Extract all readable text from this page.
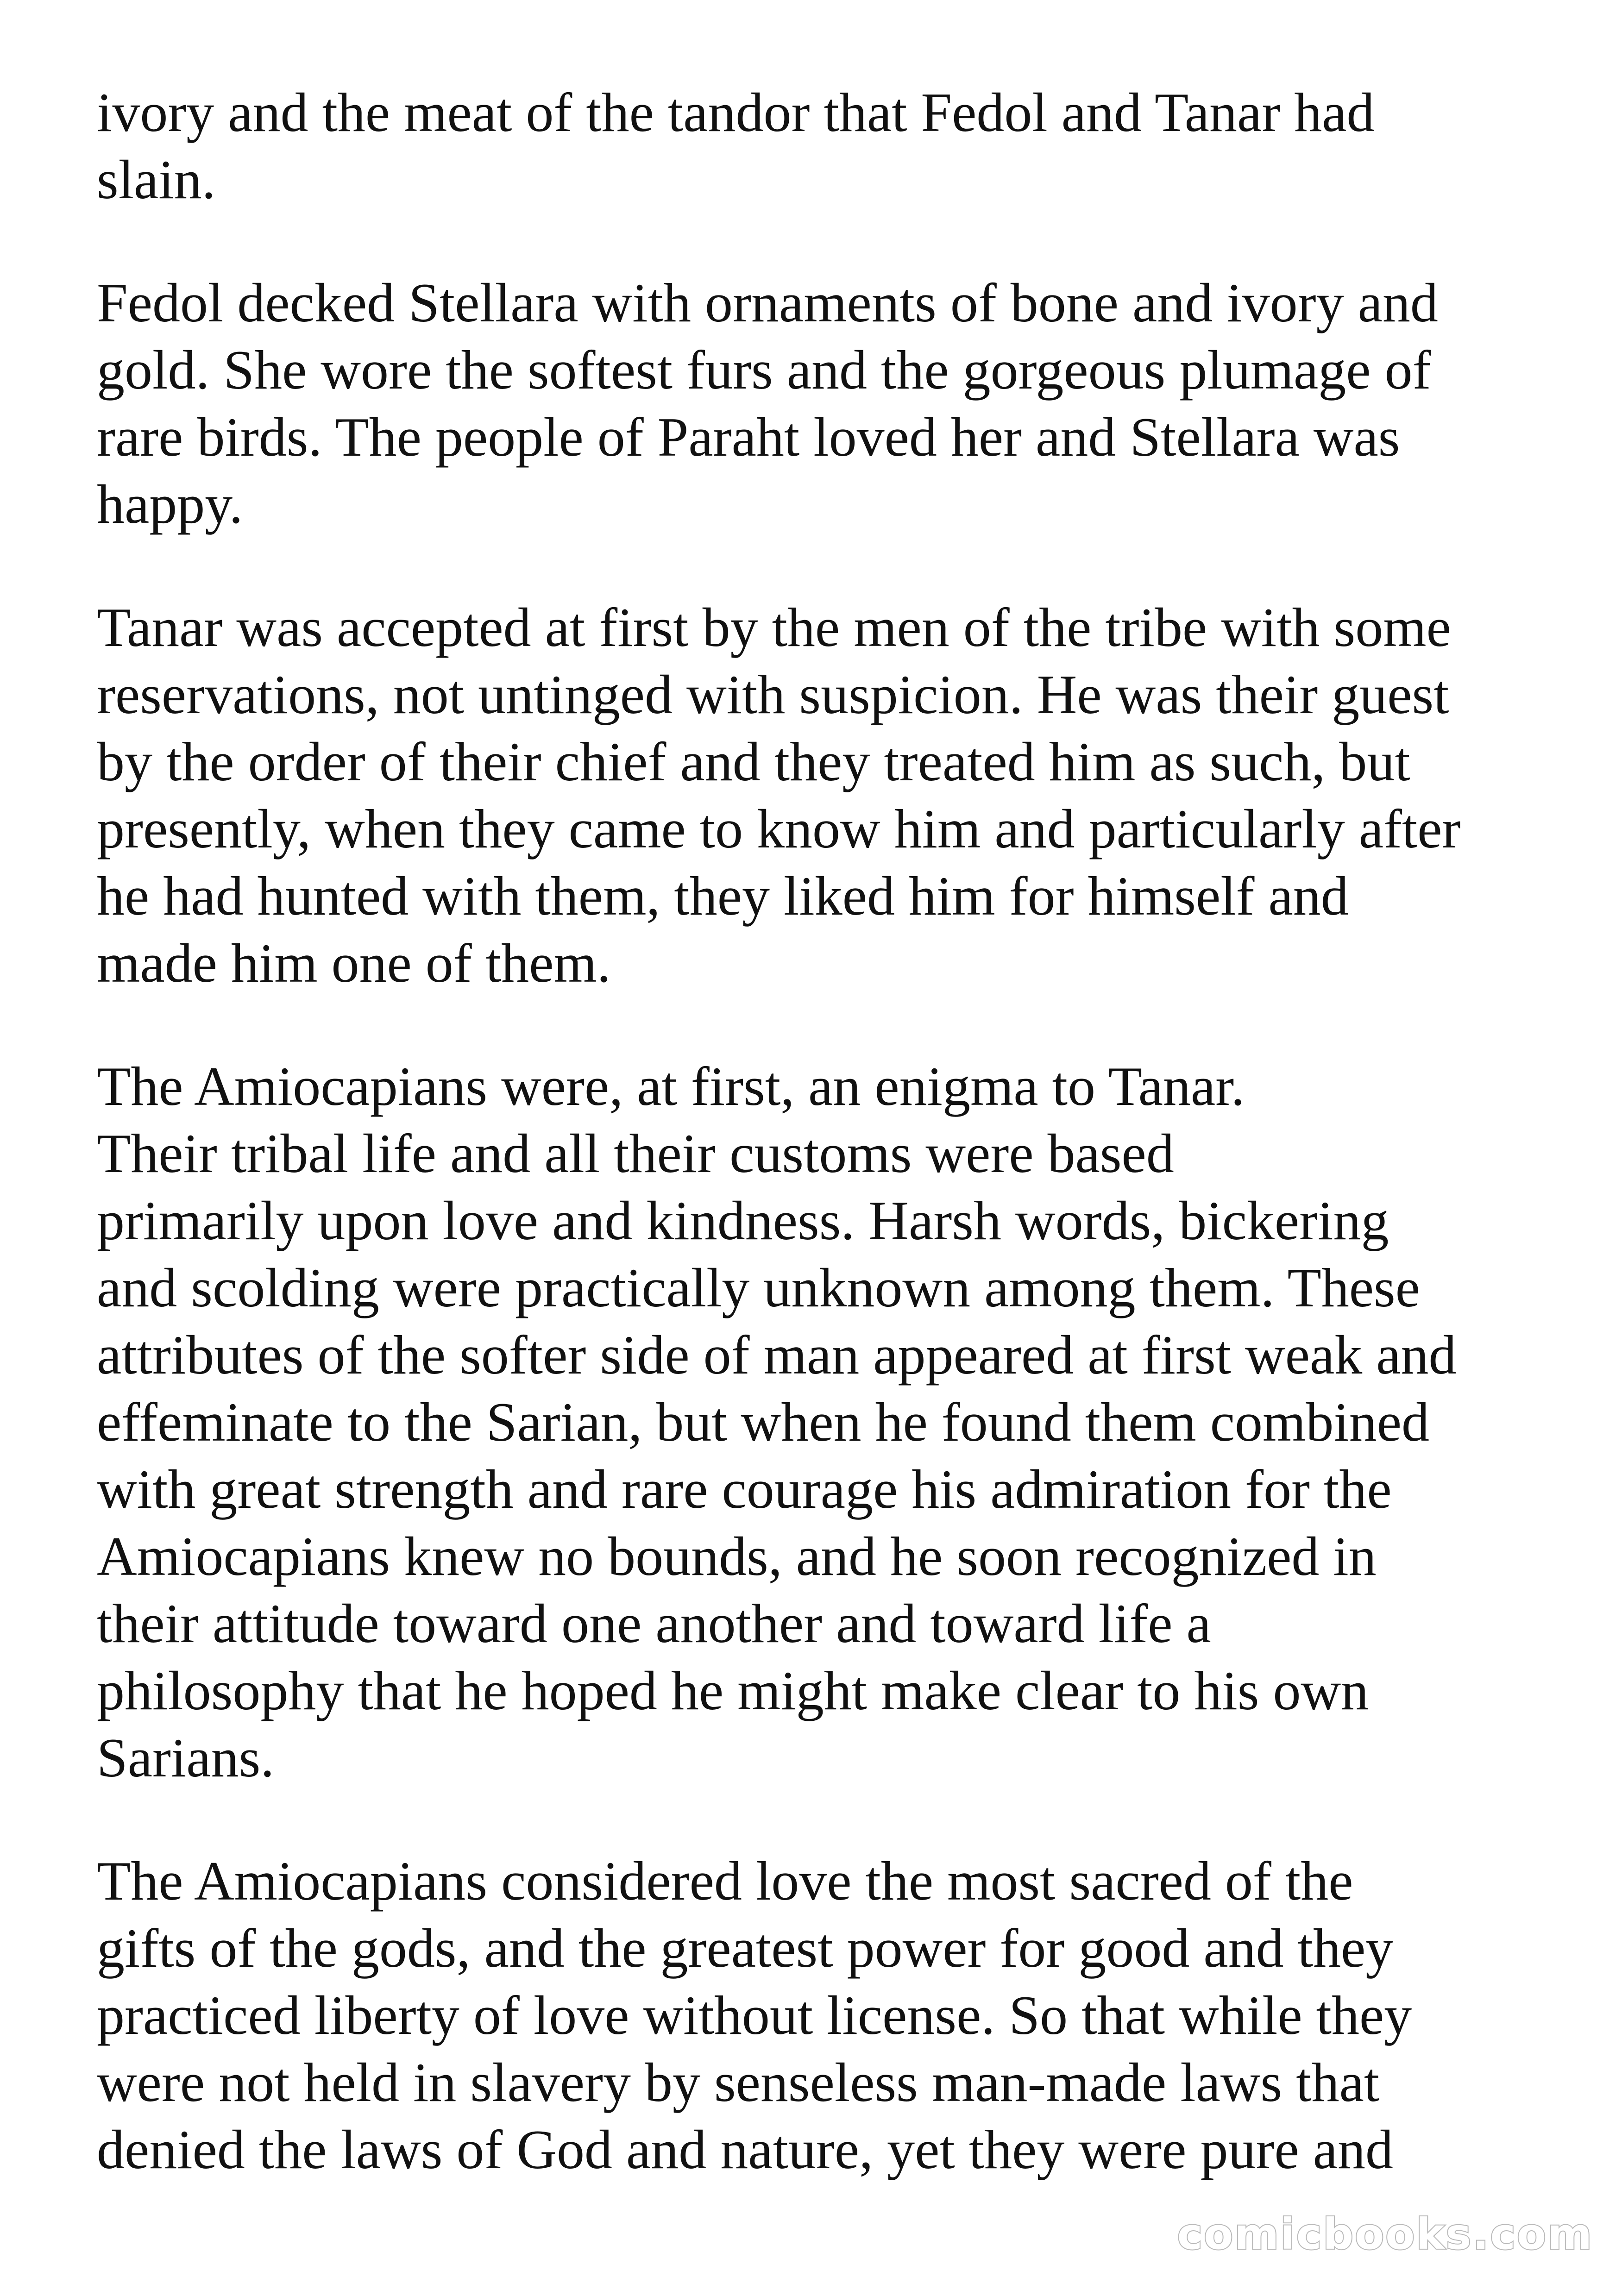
ivory and the meat of the tandor that Fedol and Tanar had
slain.

Fedol decked Stellara with ornaments of bone and ivory and
gold. She wore the softest furs and the gorgeous plumage of
rare birds. The people of Paraht loved her and Stellara was
happy.

Tanar was accepted at first by the men of the tribe with some
reservations, not untinged with suspicion. He was their guest
by the order of their chief and they treated him as such, but
presently, when they came to know him and particularly after
he had hunted with them, they liked him for himself and
made him one of them.

The Amiocapians were, at first, an enigma to Tanar.
Their tribal life and all their customs were based
primarily upon love and kindness. Harsh words, bickering
and scolding were practically unknown among them. These
attributes of the softer side of man appeared at first weak and
effeminate to the Sarian, but when he found them combined
with great strength and rare courage his admiration for the
Amiocapians knew no bounds, and he soon recognized in
their attitude toward one another and toward life a
philosophy that he hoped he might make clear to his own
Sarians.

The Amiocapians considered love the most sacred of the
gifts of the gods, and the greatest power for good and they
practiced liberty of love without license. So that while they
were not held in slavery by senseless man-made laws that
denied the laws of God and nature, yet they were pure and

comicbooks.com
